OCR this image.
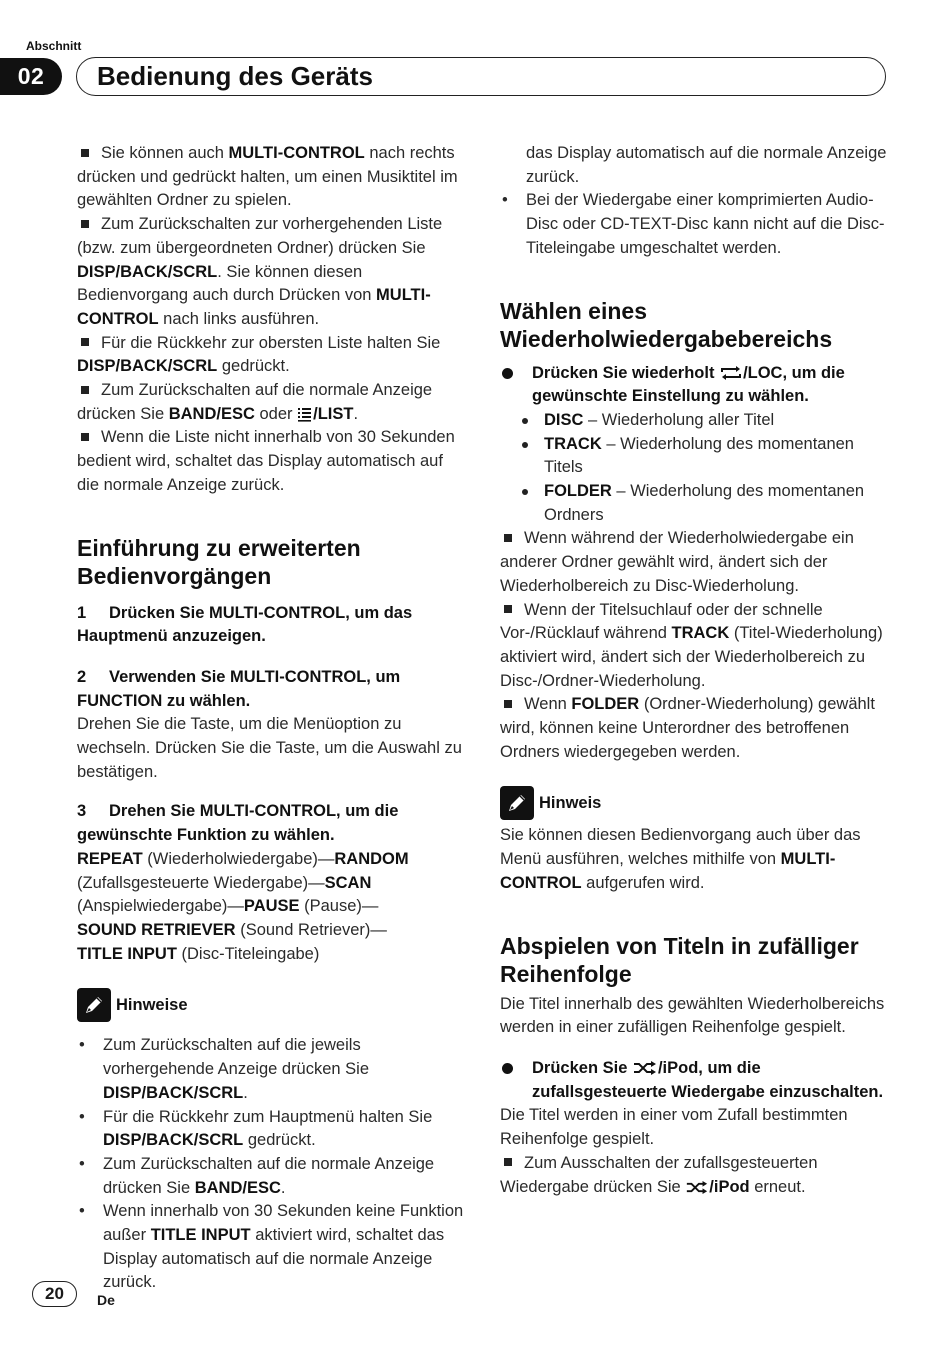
Abschnitt
02	Bedienung des Geräts

Sie können auch MULTI-CONTROL nach rechts drücken und gedrückt halten, um einen Musiktitel im gewählten Ordner zu spielen.

Zum Zurückschalten zur vorhergehenden Liste (bzw. zum übergeordneten Ordner) drücken Sie DISP/BACK/SCRL. Sie können diesen Bedienvorgang auch durch Drücken von MULTI-CONTROL nach links ausführen.

Für die Rückkehr zur obersten Liste halten Sie DISP/BACK/SCRL gedrückt.

Zum Zurückschalten auf die normale Anzeige drücken Sie BAND/ESC oder /LIST.

Wenn die Liste nicht innerhalb von 30 Sekunden bedient wird, schaltet das Display automatisch auf die normale Anzeige zurück.

Einführung zu erweiterten Bedienvorgängen

1 Drücken Sie MULTI-CONTROL, um das Hauptmenü anzuzeigen.

2 Verwenden Sie MULTI-CONTROL, um FUNCTION zu wählen.

Drehen Sie die Taste, um die Menüoption zu wechseln. Drücken Sie die Taste, um die Auswahl zu bestätigen.

3 Drehen Sie MULTI-CONTROL, um die gewünschte Funktion zu wählen.

REPEAT (Wiederholwiedergabe)—RANDOM (Zufallsgesteuerte Wiedergabe)—SCAN (Anspielwiedergabe)—PAUSE (Pause)—
SOUND RETRIEVER (Sound Retriever)—
TITLE INPUT (Disc-Titeleingabe)

Hinweise
• Zum Zurückschalten auf die jeweils vorhergehende Anzeige drücken Sie DISP/BACK/SCRL.
• Für die Rückkehr zum Hauptmenü halten Sie DISP/BACK/SCRL gedrückt.
• Zum Zurückschalten auf die normale Anzeige drücken Sie BAND/ESC.
• Wenn innerhalb von 30 Sekunden keine Funktion außer TITLE INPUT aktiviert wird, schaltet das Display automatisch auf die normale Anzeige zurück.

das Display automatisch auf die normale Anzeige zurück.

• Bei der Wiedergabe einer komprimierten Audio-Disc oder CD-TEXT-Disc kann nicht auf die Disc-Titeleingabe umgeschaltet werden.
Wählen eines Wiederholwiedergabebereichs

Drücken Sie wiederholt /LOC, um die gewünschte Einstellung zu wählen.

DISC – Wiederholung aller Titel
TRACK – Wiederholung des momentanen Titels
FOLDER – Wiederholung des momentanen Ordners

Wenn während der Wiederholwiedergabe ein anderer Ordner gewählt wird, ändert sich der Wiederholbereich zu Disc-Wiederholung.

Wenn der Titelsuchlauf oder der schnelle Vor-/Rücklauf während TRACK (Titel-Wiederholung) aktiviert wird, ändert sich der Wiederholbereich zu Disc-/Ordner-Wiederholung.

Wenn FOLDER (Ordner-Wiederholung) gewählt wird, können keine Unterordner des betroffenen Ordners wiedergegeben werden.

Hinweis

Sie können diesen Bedienvorgang auch über das Menü ausführen, welches mithilfe von MULTI-CONTROL aufgerufen wird.

Abspielen von Titeln in zufälliger Reihenfolge

Die Titel innerhalb des gewählten Wiederholbereichs werden in einer zufälligen Reihenfolge gespielt.

Drücken Sie /iPod, um die zufallsgesteuerte Wiedergabe einzuschalten.

Die Titel werden in einer vom Zufall bestimmten Reihenfolge gespielt.

Zum Ausschalten der zufallsgesteuerten Wiedergabe drücken Sie /iPod erneut.

20	De
